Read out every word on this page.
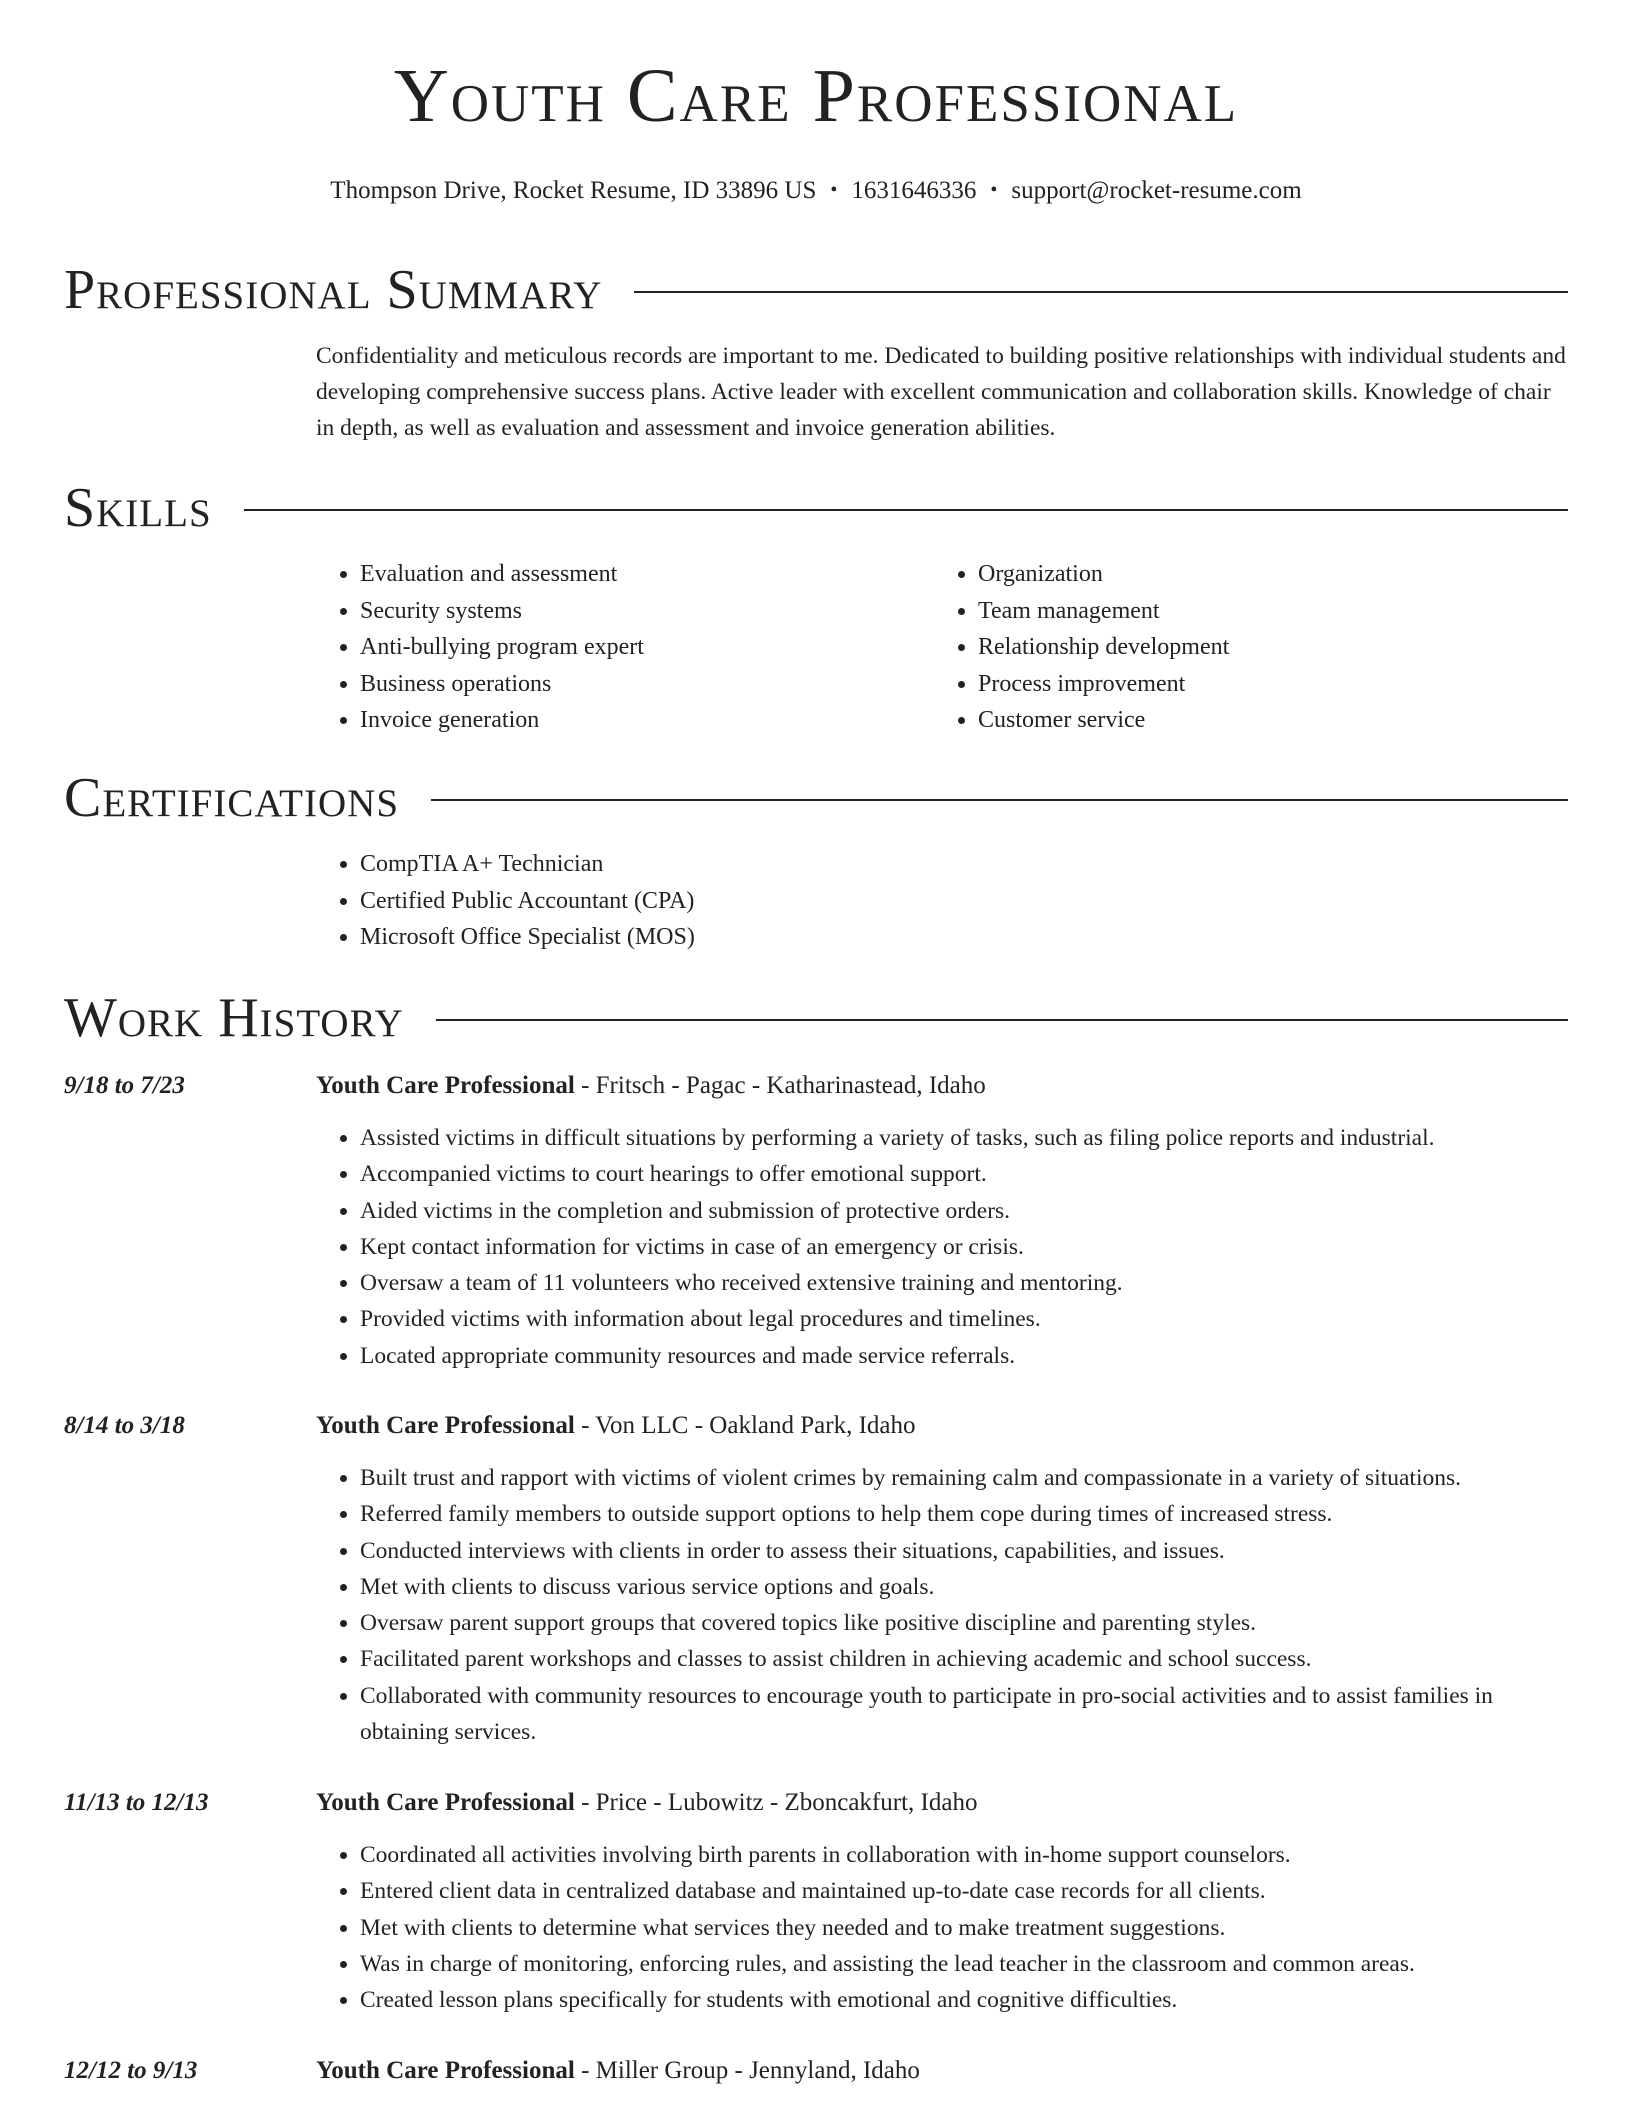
Youth Care Professional
Thompson Drive, Rocket Resume, ID 33896 US • 1631646336 • support@rocket-resume.com
Professional Summary

Confidentiality and meticulous records are important to me. Dedicated to building positive relationships with individual students and developing comprehensive success plans. Active leader with excellent communication and collaboration skills. Knowledge of chair in depth, as well as evaluation and assessment and invoice generation abilities.

Skills
• Evaluation and assessment
• Security systems
• Anti-bullying program expert
• Business operations
• Invoice generation
• Organization
• Team management
• Relationship development
• Process improvement
• Customer service
Certifications
• CompTIA A+ Technician
• Certified Public Accountant (CPA)
• Microsoft Office Specialist (MOS)
Work History
9/18 to 7/23	Youth Care Professional - Fritsch - Pagac - Katharinastead, Idaho
• Assisted victims in difficult situations by performing a variety of tasks, such as filing police reports and industrial.
• Accompanied victims to court hearings to offer emotional support.
• Aided victims in the completion and submission of protective orders.
• Kept contact information for victims in case of an emergency or crisis.
• Oversaw a team of 11 volunteers who received extensive training and mentoring.
• Provided victims with information about legal procedures and timelines.
• Located appropriate community resources and made service referrals.
8/14 to 3/18	Youth Care Professional - Von LLC - Oakland Park, Idaho
• Built trust and rapport with victims of violent crimes by remaining calm and compassionate in a variety of situations.
• Referred family members to outside support options to help them cope during times of increased stress.
• Conducted interviews with clients in order to assess their situations, capabilities, and issues.
• Met with clients to discuss various service options and goals.
• Oversaw parent support groups that covered topics like positive discipline and parenting styles.
• Facilitated parent workshops and classes to assist children in achieving academic and school success.
• Collaborated with community resources to encourage youth to participate in pro-social activities and to assist families in obtaining services.
11/13 to 12/13	Youth Care Professional - Price - Lubowitz - Zboncakfurt, Idaho
• Coordinated all activities involving birth parents in collaboration with in-home support counselors.
• Entered client data in centralized database and maintained up-to-date case records for all clients.
• Met with clients to determine what services they needed and to make treatment suggestions.
• Was in charge of monitoring, enforcing rules, and assisting the lead teacher in the classroom and common areas.
• Created lesson plans specifically for students with emotional and cognitive difficulties.
12/12 to 9/13	Youth Care Professional - Miller Group - Jennyland, Idaho
